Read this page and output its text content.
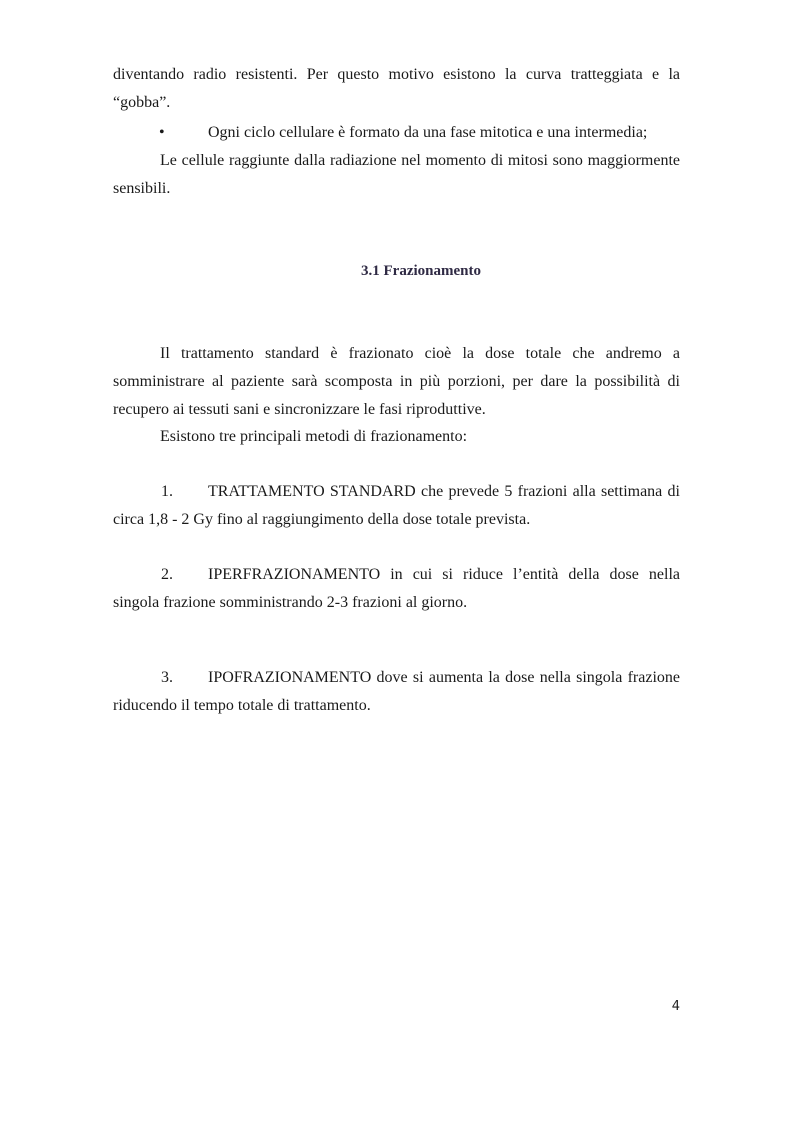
diventando radio resistenti. Per questo motivo esistono la curva tratteggiata e la

“gobba”.

•	Ogni ciclo cellulare è formato da una fase mitotica e una intermedia;

Le cellule raggiunte dalla radiazione nel momento di mitosi sono maggiormente

sensibili.

3.1 Frazionamento

Il trattamento standard è frazionato cioè la dose totale che andremo a somministrare al paziente sarà scomposta in più porzioni, per dare la possibilità di recupero ai tessuti sani e sincronizzare le fasi riproduttive.

Esistono tre principali metodi di frazionamento:

1.	TRATTAMENTO STANDARD che prevede 5 frazioni alla settimana di
circa 1,8 - 2 Gy fino al raggiungimento della dose totale prevista.
2.	IPERFRAZIONAMENTO in cui si riduce l’entità della dose nella
singola frazione somministrando 2-3 frazioni al giorno.
3.	IPOFRAZIONAMENTO dove si aumenta la dose nella singola frazione
riducendo il tempo totale di trattamento.
4
